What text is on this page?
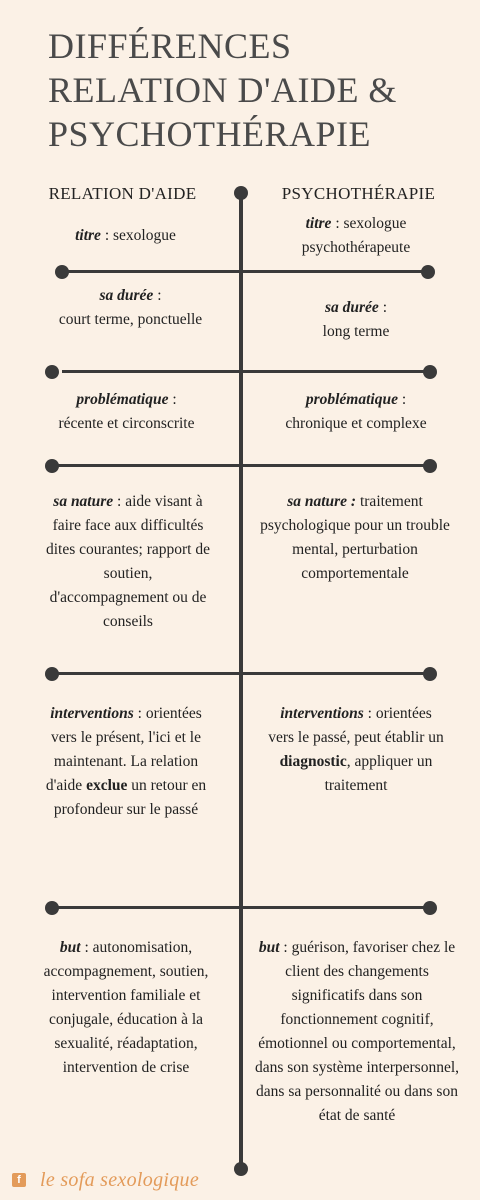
DIFFÉRENCES
RELATION D'AIDE &
PSYCHOTHÉRAPIE
RELATION D'AIDE	PSYCHOTHÉRAPIE
titre : sexologue
titre : sexologue psychothérapeute
sa durée :
court terme, ponctuelle
sa durée :
long terme
problématique :
récente et circonscrite
problématique :
chronique et complexe
sa nature : aide visant à faire face aux difficultés dites courantes; rapport de soutien, d'accompagnement ou de conseils
sa nature : traitement psychologique pour un trouble mental, perturbation comportementale
interventions : orientées vers le présent, l'ici et le maintenant. La relation d'aide exclue un retour en profondeur sur le passé
interventions : orientées vers le passé, peut établir un diagnostic, appliquer un traitement
but : autonomisation, accompagnement, soutien, intervention familiale et conjugale, éducation à la sexualité, réadaptation, intervention de crise
but : guérison, favoriser chez le client des changements significatifs dans son fonctionnement cognitif, émotionnel ou comportemental, dans son système interpersonnel, dans sa personnalité ou dans son état de santé
f le sofa sexologique
